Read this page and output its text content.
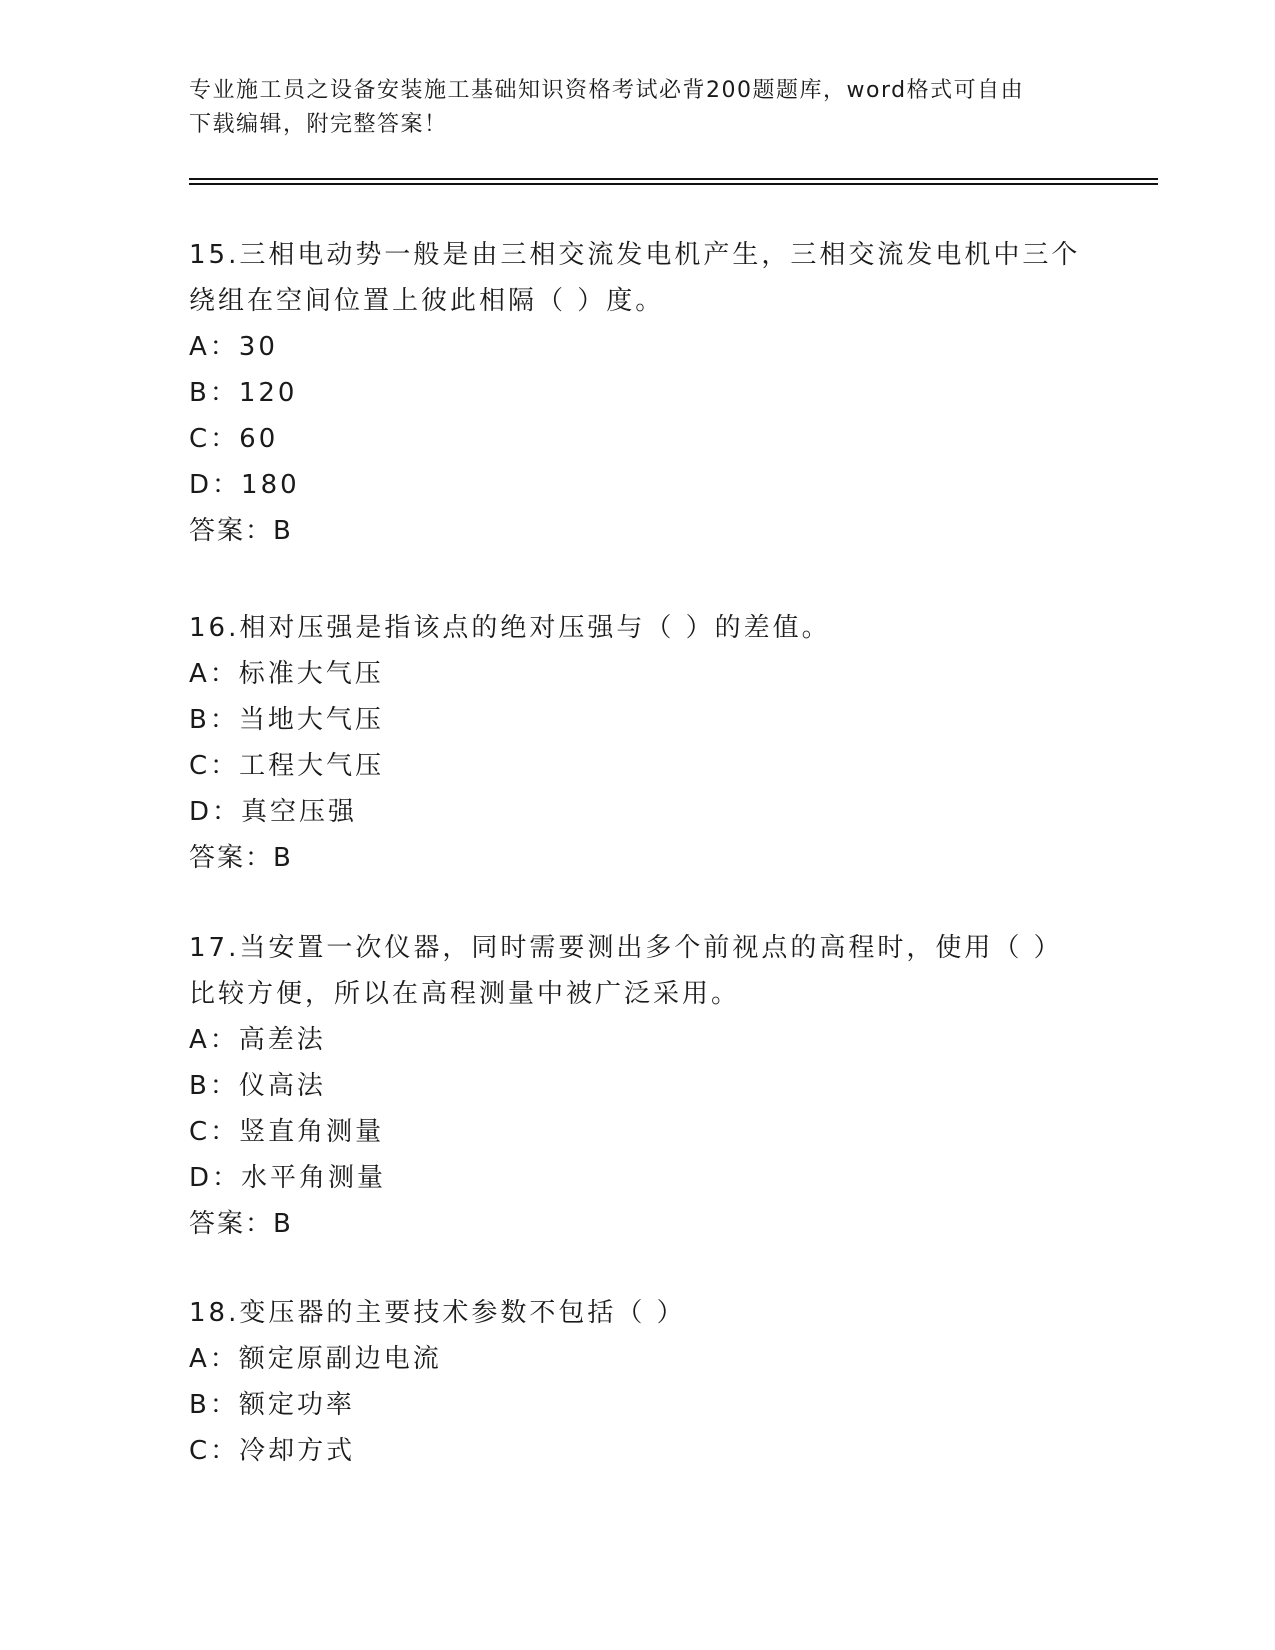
专业施工员之设备安装施工基础知识资格考试必背200题题库，word格式可自由
下载编辑，附完整答案！

15.三相电动势一般是由三相交流发电机产生，三相交流发电机中三个

绕组在空间位置上彼此相隔（ ）度。

A：30
B：120
C：60
D：180

答案：B

16.相对压强是指该点的绝对压强与（ ）的差值。

A：标准大气压
B：当地大气压
C：工程大气压
D：真空压强

答案：B

17.当安置一次仪器，同时需要测出多个前视点的高程时，使用（ ）

比较方便，所以在高程测量中被广泛采用。

A：高差法
B：仪高法
C：竖直角测量
D：水平角测量

答案：B

18.变压器的主要技术参数不包括（ ）

A：额定原副边电流
B：额定功率
C：冷却方式
